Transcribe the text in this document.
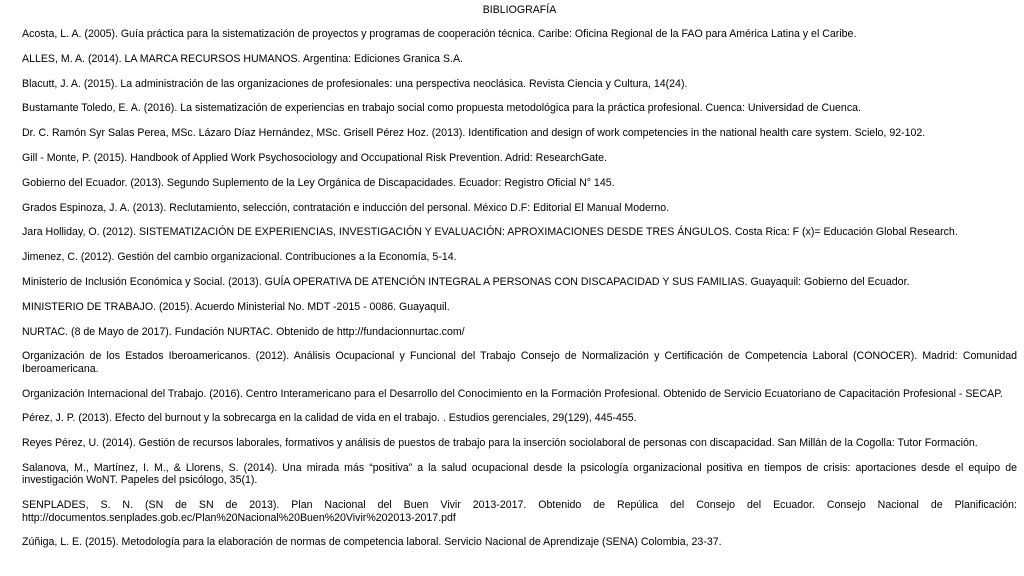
BIBLIOGRAFÍA

Acosta, L. A. (2005). Guía práctica para la sistematización de proyectos y programas de cooperación técnica. Caribe: Oficina Regional de la FAO para América Latina y el Caribe.

ALLES, M. A. (2014). LA MARCA RECURSOS HUMANOS. Argentina: Ediciones Granica S.A.

Blacutt, J. A. (2015). La administración de las organizaciones de profesionales: una perspectiva neoclásica. Revista Ciencia y Cultura, 14(24).

Bustamante Toledo, E. A. (2016). La sistematización de experiencias en trabajo social como propuesta metodológica para la práctica profesional. Cuenca: Universidad de Cuenca.

Dr. C. Ramón Syr Salas Perea, MSc. Lázaro Díaz Hernández, MSc. Grisell Pérez Hoz. (2013). Identification and design of work competencies in the national health care system. Scielo, 92-102.

Gill - Monte, P. (2015). Handbook of Applied Work Psychosociology and Occupational Risk Prevention. Adrid: ResearchGate.

Gobierno del Ecuador. (2013). Segundo Suplemento de la Ley Orgánica de Discapacidades. Ecuador: Registro Oficial N° 145.

Grados Espinoza, J. A. (2013). Reclutamiento, selección, contratación e inducción del personal. México D.F: Editorial El Manual Moderno.

Jara Holliday, O. (2012). SISTEMATIZACIÓN DE EXPERIENCIAS, INVESTIGACIÓN Y EVALUACIÓN: APROXIMACIONES DESDE TRES ÁNGULOS. Costa Rica: F (x)= Educación Global Research.

Jimenez, C. (2012). Gestión del cambio organizacional. Contribuciones a la Economía, 5-14.

Ministerio de Inclusión Económica y Social. (2013). GUÍA OPERATIVA DE ATENCIÓN INTEGRAL A PERSONAS CON DISCAPACIDAD Y SUS FAMILIAS. Guayaquil: Gobierno del Ecuador.

MINISTERIO DE TRABAJO. (2015). Acuerdo Ministerial No. MDT -2015 - 0086. Guayaquil.

NURTAC. (8 de Mayo de 2017). Fundación NURTAC. Obtenido de http://fundacionnurtac.com/

Organización de los Estados Iberoamericanos. (2012). Análisis Ocupacional y Funcional del Trabajo Consejo de Normalización y Certificación de Competencia Laboral (CONOCER). Madrid: Comunidad Iberoamericana.

Organización Internacional del Trabajo. (2016). Centro Interamericano para el Desarrollo del Conocimiento en la Formación Profesional. Obtenido de Servicio Ecuatoriano de Capacitación Profesional - SECAP.

Pérez, J. P. (2013). Efecto del burnout y la sobrecarga en la calidad de vida en el trabajo. . Estudios gerenciales, 29(129), 445-455.

Reyes Pérez, U. (2014). Gestión de recursos laborales, formativos y análisis de puestos de trabajo para la inserción sociolaboral de personas con discapacidad. San Millán de la Cogolla: Tutor Formación.

Salanova, M., Martínez, I. M., & Llorens, S. (2014). Una mirada más “positiva” a la salud ocupacional desde la psicología organizacional positiva en tiempos de crisis: aportaciones desde el equipo de investigación WoNT. Papeles del psicólogo, 35(1).

SENPLADES, S. N. (SN de SN de 2013). Plan Nacional del Buen Vivir 2013-2017. Obtenido de Repúlica del Consejo del Ecuador. Consejo Nacional de Planificación: http://documentos.senplades.gob.ec/Plan%20Nacional%20Buen%20Vivir%202013-2017.pdf

Zúñiga, L. E. (2015). Metodología para la elaboración de normas de competencia laboral. Servicio Nacional de Aprendizaje (SENA) Colombia, 23-37.
